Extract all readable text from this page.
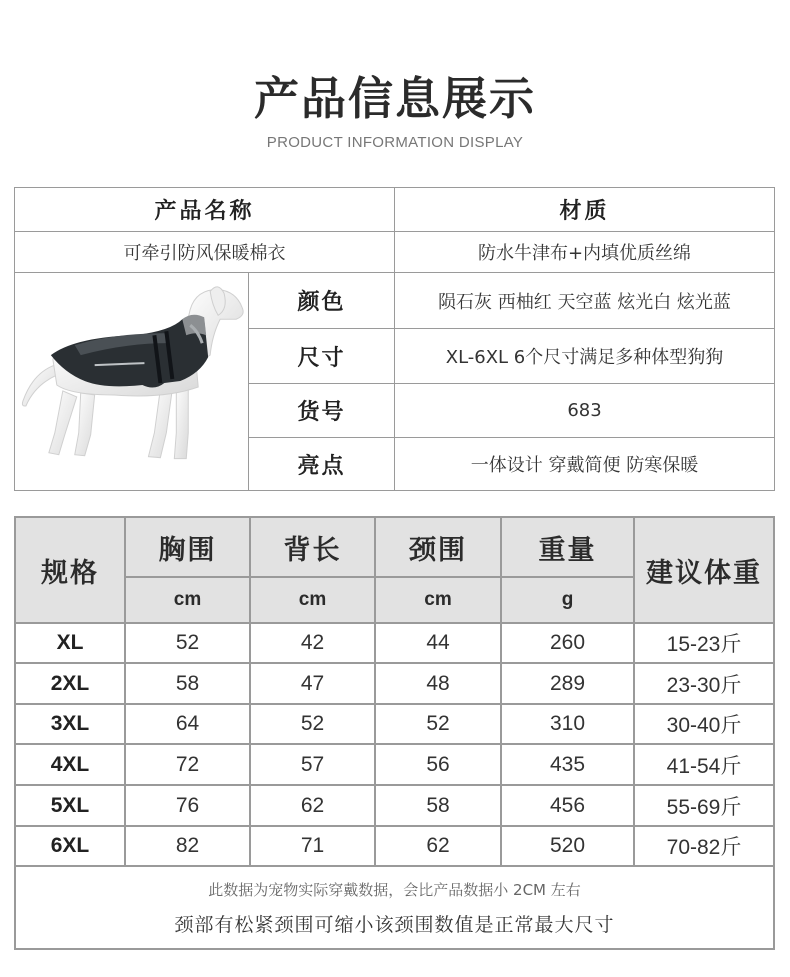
产品信息展示
PRODUCT INFORMATION DISPLAY
产品名称	材质
可牵引防风保暖棉衣	防水牛津布+内填优质丝绵
颜色	陨石灰 西柚红 天空蓝 炫光白 炫光蓝
尺寸	XL-6XL 6个尺寸满足多种体型狗狗
货号	683
亮点	一体设计 穿戴简便 防寒保暖
规格
胸围	背长	颈围	重量
建议体重
cm	cm	cm	g
XL	52	42	44	260	15-23斤
2XL	58	47	48	289	23-30斤
3XL	64	52	52	310	30-40斤
4XL	72	57	56	435	41-54斤
5XL	76	62	58	456	55-69斤
6XL	82	71	62	520	70-82斤
此数据为宠物实际穿戴数据，会比产品数据小 2CM 左右
颈部有松紧颈围可缩小该颈围数值是正常最大尺寸
